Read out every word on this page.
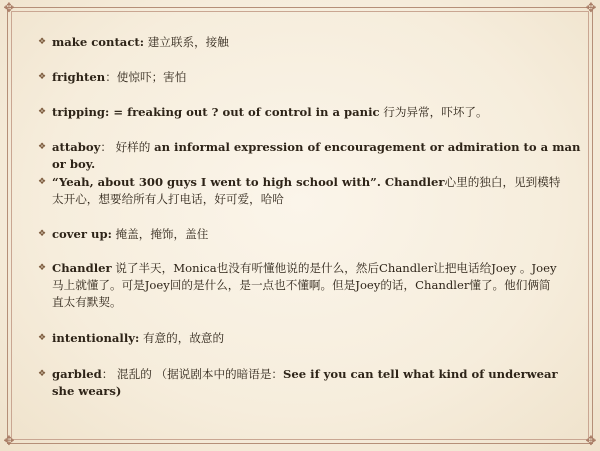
✥	✥
✥	✥
❖ make contact: 建立联系，接触
❖ frighten：使惊吓；害怕
❖ tripping: = freaking out ? out of control in a panic 行为异常，吓坏了。
❖ attaboy： 好样的 an informal expression of encouragement or admiration to a man or boy.
❖ “Yeah, about 300 guys I went to high school with”. Chandler心里的独白，见到模特太开心，想要给所有人打电话，好可爱，哈哈
❖ cover up: 掩盖，掩饰，盖住
❖ Chandler 说了半天，Monica也没有听懂他说的是什么，然后Chandler让把电话给Joey 。Joey 马上就懂了。可是Joey回的是什么，是一点也不懂啊。但是Joey的话，Chandler懂了。他们俩简直太有默契。
❖ intentionally: 有意的，故意的
❖ garbled： 混乱的 （据说剧本中的暗语是：See if you can tell what kind of underwear she wears)
